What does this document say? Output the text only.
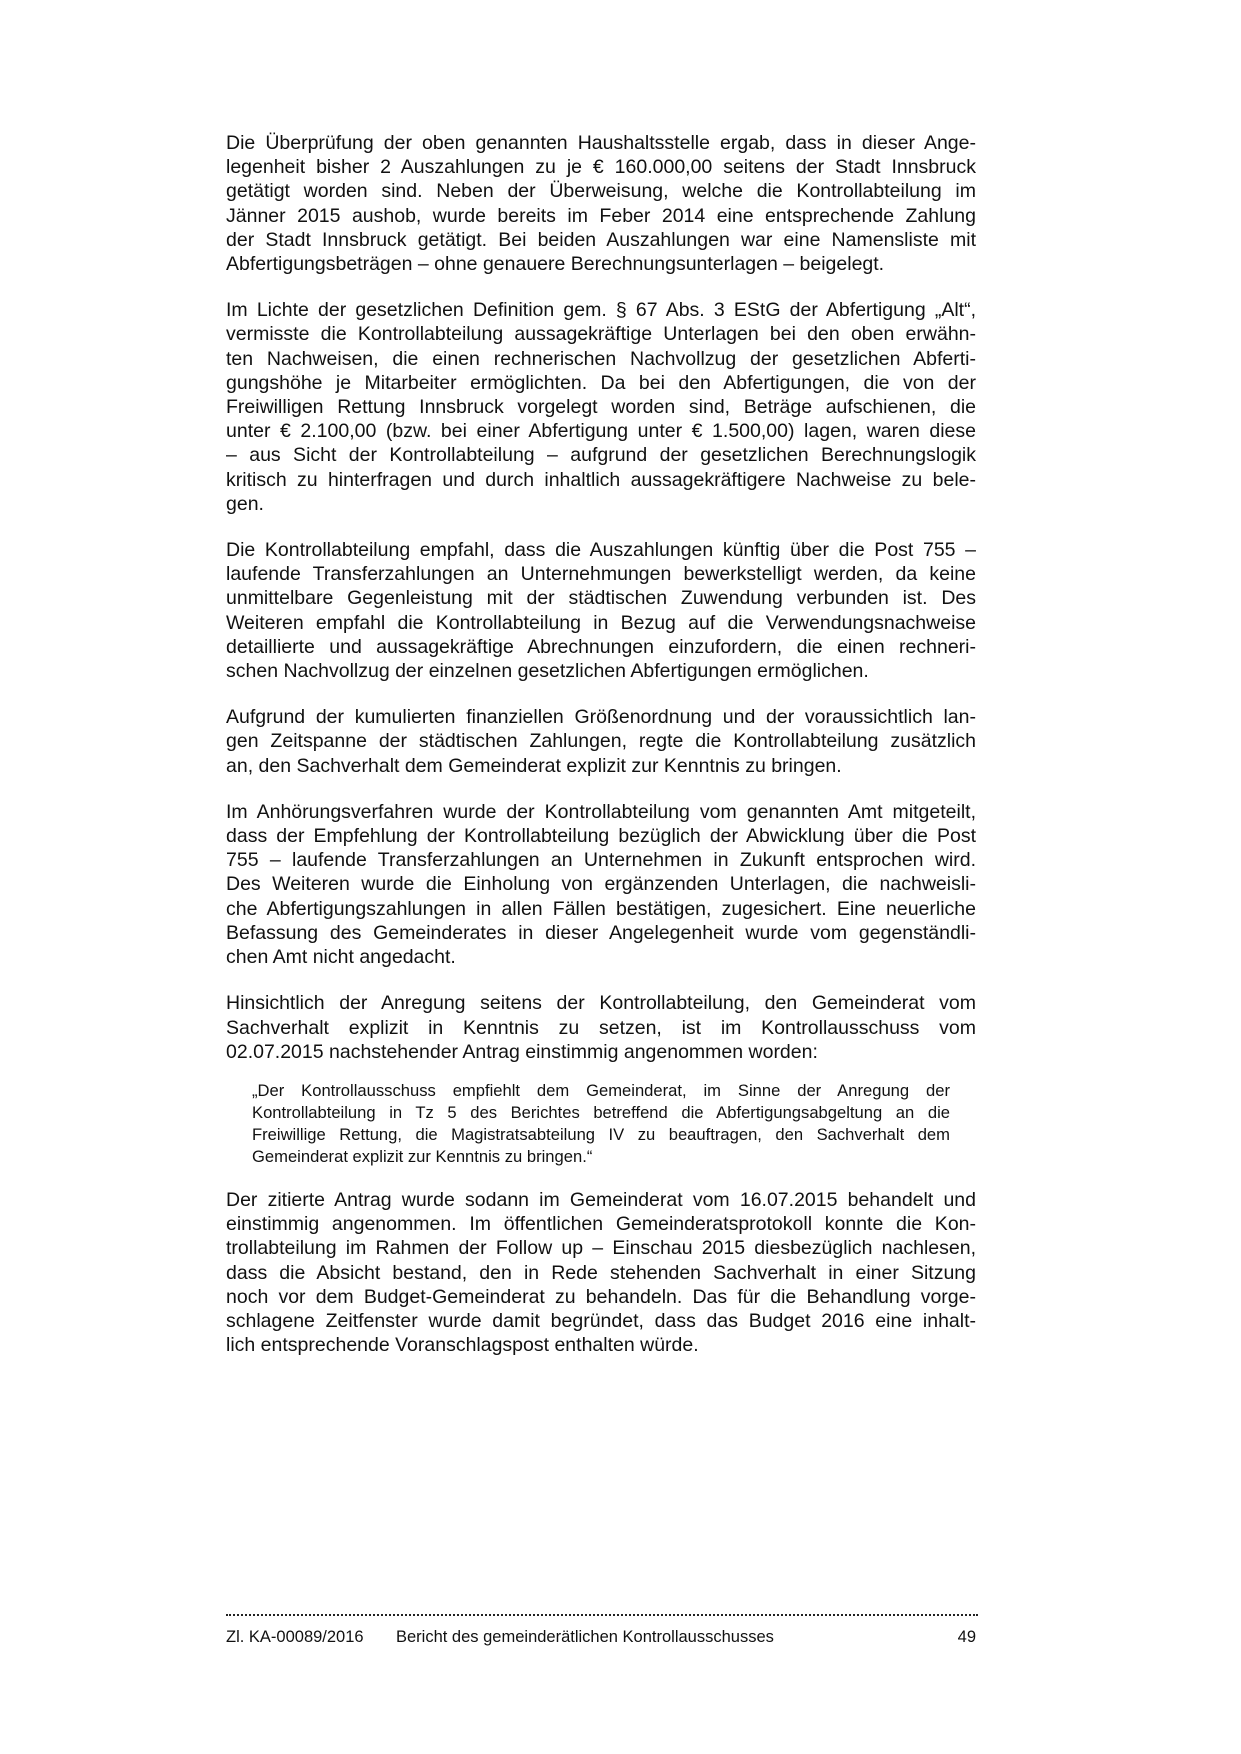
Die Überprüfung der oben genannten Haushaltsstelle ergab, dass in dieser Ange-
legenheit bisher 2 Auszahlungen zu je € 160.000,00 seitens der Stadt Innsbruck
getätigt worden sind. Neben der Überweisung, welche die Kontrollabteilung im
Jänner 2015 aushob, wurde bereits im Feber 2014 eine entsprechende Zahlung
der Stadt Innsbruck getätigt. Bei beiden Auszahlungen war eine Namensliste mit
Abfertigungsbeträgen – ohne genauere Berechnungsunterlagen – beigelegt.
Im Lichte der gesetzlichen Definition gem. § 67 Abs. 3 EStG der Abfertigung „Alt“,
vermisste die Kontrollabteilung aussagekräftige Unterlagen bei den oben erwähn-
ten Nachweisen, die einen rechnerischen Nachvollzug der gesetzlichen Abferti-
gungshöhe je Mitarbeiter ermöglichten. Da bei den Abfertigungen, die von der
Freiwilligen Rettung Innsbruck vorgelegt worden sind, Beträge aufschienen, die
unter € 2.100,00 (bzw. bei einer Abfertigung unter € 1.500,00) lagen, waren diese
– aus Sicht der Kontrollabteilung – aufgrund der gesetzlichen Berechnungslogik
kritisch zu hinterfragen und durch inhaltlich aussagekräftigere Nachweise zu bele-
gen.
Die Kontrollabteilung empfahl, dass die Auszahlungen künftig über die Post 755 –
laufende Transferzahlungen an Unternehmungen bewerkstelligt werden, da keine
unmittelbare Gegenleistung mit der städtischen Zuwendung verbunden ist. Des
Weiteren empfahl die Kontrollabteilung in Bezug auf die Verwendungsnachweise
detaillierte und aussagekräftige Abrechnungen einzufordern, die einen rechneri-
schen Nachvollzug der einzelnen gesetzlichen Abfertigungen ermöglichen.
Aufgrund der kumulierten finanziellen Größenordnung und der voraussichtlich lan-
gen Zeitspanne der städtischen Zahlungen, regte die Kontrollabteilung zusätzlich
an, den Sachverhalt dem Gemeinderat explizit zur Kenntnis zu bringen.
Im Anhörungsverfahren wurde der Kontrollabteilung vom genannten Amt mitgeteilt,
dass der Empfehlung der Kontrollabteilung bezüglich der Abwicklung über die Post
755 – laufende Transferzahlungen an Unternehmen in Zukunft entsprochen wird.
Des Weiteren wurde die Einholung von ergänzenden Unterlagen, die nachweisli-
che Abfertigungszahlungen in allen Fällen bestätigen, zugesichert. Eine neuerliche
Befassung des Gemeinderates in dieser Angelegenheit wurde vom gegenständli-
chen Amt nicht angedacht.
Hinsichtlich der Anregung seitens der Kontrollabteilung, den Gemeinderat vom
Sachverhalt explizit in Kenntnis zu setzen, ist im Kontrollausschuss vom
02.07.2015 nachstehender Antrag einstimmig angenommen worden:
„Der Kontrollausschuss empfiehlt dem Gemeinderat, im Sinne der Anregung der
Kontrollabteilung in Tz 5 des Berichtes betreffend die Abfertigungsabgeltung an die
Freiwillige Rettung, die Magistratsabteilung IV zu beauftragen, den Sachverhalt dem
Gemeinderat explizit zur Kenntnis zu bringen.“
Der zitierte Antrag wurde sodann im Gemeinderat vom 16.07.2015 behandelt und
einstimmig angenommen. Im öffentlichen Gemeinderatsprotokoll konnte die Kon-
trollabteilung im Rahmen der Follow up – Einschau 2015 diesbezüglich nachlesen,
dass die Absicht bestand, den in Rede stehenden Sachverhalt in einer Sitzung
noch vor dem Budget-Gemeinderat zu behandeln. Das für die Behandlung vorge-
schlagene Zeitfenster wurde damit begründet, dass das Budget 2016 eine inhalt-
lich entsprechende Voranschlagspost enthalten würde.
Zl. KA-00089/2016 Bericht des gemeinderätlichen Kontrollausschusses	49
